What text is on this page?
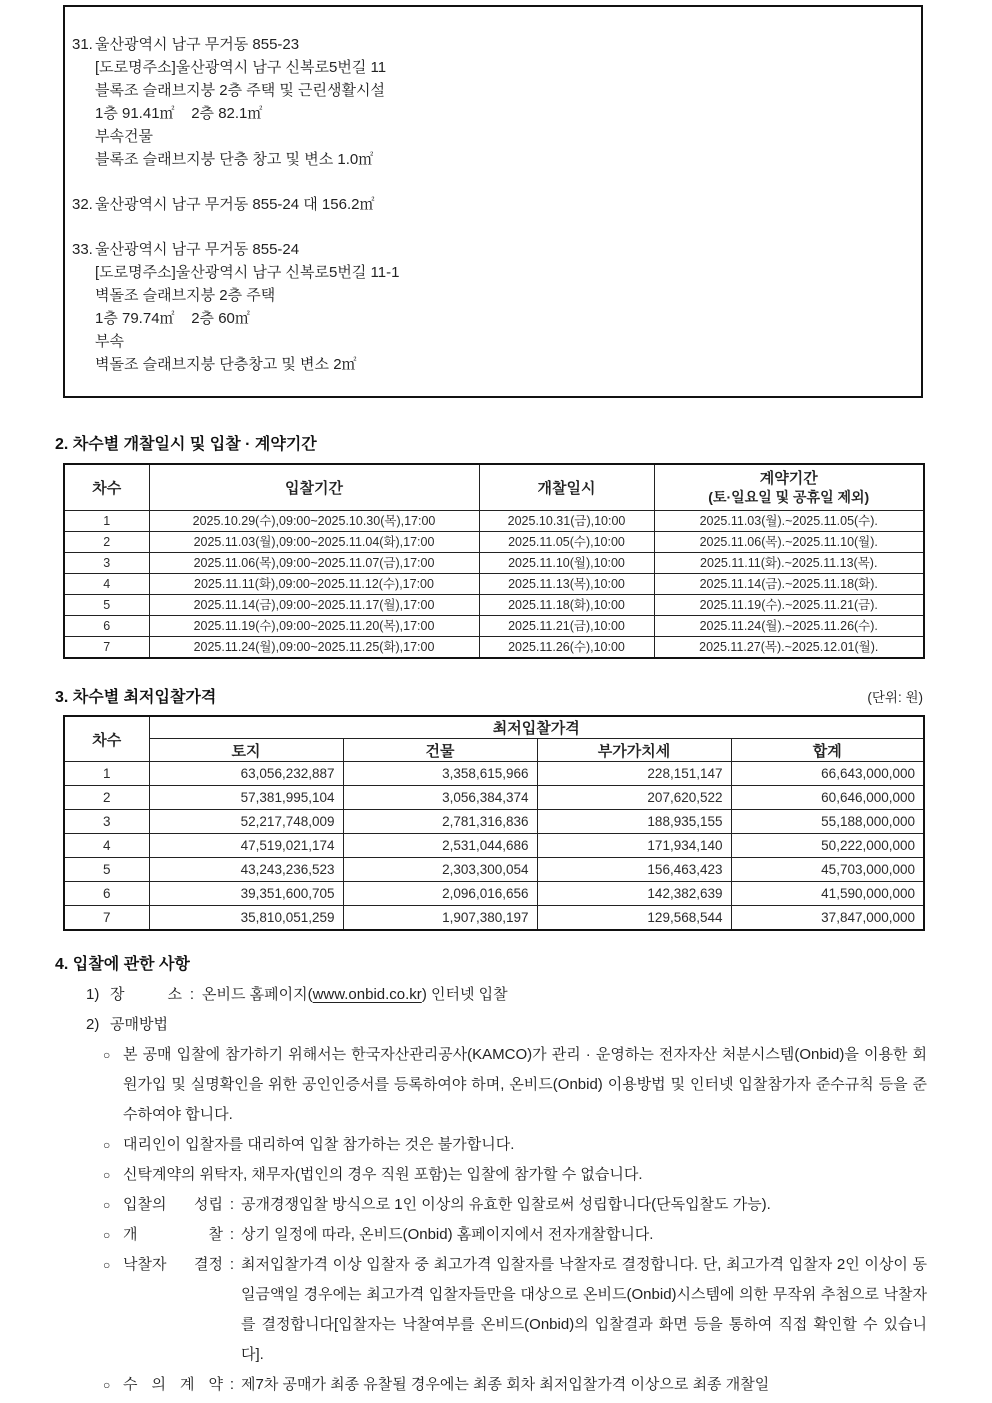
31. 울산광역시 남구 무거동 855-23
[도로명주소]울산광역시 남구 신복로5번길 11
블록조 슬래브지붕 2층 주택 및 근린생활시설
1층 91.41㎡    2층 82.1㎡
부속건물
블록조 슬래브지붕 단층 창고 및 변소 1.0㎡
32. 울산광역시 남구 무거동 855-24 대 156.2㎡
33. 울산광역시 남구 무거동 855-24
[도로명주소]울산광역시 남구 신복로5번길 11-1
벽돌조 슬래브지붕 2층 주택
1층 79.74㎡    2층 60㎡
부속
벽돌조 슬래브지붕 단층창고 및 변소 2㎡
2. 차수별 개찰일시 및 입찰 · 계약기간
차수	입찰기간	개찰일시	계약기간
(토·일요일 및 공휴일 제외)

1	2025.10.29(수),09:00~2025.10.30(목),17:00	2025.10.31(금),10:00	2025.11.03(월).~2025.11.05(수).
2	2025.11.03(월),09:00~2025.11.04(화),17:00	2025.11.05(수),10:00	2025.11.06(목).~2025.11.10(월).
3	2025.11.06(목),09:00~2025.11.07(금),17:00	2025.11.10(월),10:00	2025.11.11(화).~2025.11.13(목).
4	2025.11.11(화),09:00~2025.11.12(수),17:00	2025.11.13(목),10:00	2025.11.14(금).~2025.11.18(화).
5	2025.11.14(금),09:00~2025.11.17(월),17:00	2025.11.18(화),10:00	2025.11.19(수).~2025.11.21(금).
6	2025.11.19(수),09:00~2025.11.20(목),17:00	2025.11.21(금),10:00	2025.11.24(월).~2025.11.26(수).
7	2025.11.24(월),09:00~2025.11.25(화),17:00	2025.11.26(수),10:00	2025.11.27(목).~2025.12.01(월).
3. 차수별 최저입찰가격	(단위: 원)
차수	최저입찰가격			
	토지	건물	부가가치세	합계
1	63,056,232,887	3,358,615,966	228,151,147	66,643,000,000
2	57,381,995,104	3,056,384,374	207,620,522	60,646,000,000
3	52,217,748,009	2,781,316,836	188,935,155	55,188,000,000
4	47,519,021,174	2,531,044,686	171,934,140	50,222,000,000
5	43,243,236,523	2,303,300,054	156,463,423	45,703,000,000
6	39,351,600,705	2,096,016,656	142,382,639	41,590,000,000
7	35,810,051,259	1,907,380,197	129,568,544	37,847,000,000
4. 입찰에 관한 사항
1) 장 소 : 온비드 홈페이지(www.onbid.co.kr) 인터넷 입찰
2) 공매방법
○ 본 공매 입찰에 참가하기 위해서는 한국자산관리공사(KAMCO)가 관리 · 운영하는 전자자산 처분시스템(Onbid)을 이용한 회원가입 및 실명확인을 위한 공인인증서를 등록하여야 하며, 온비드(Onbid) 이용방법 및 인터넷 입찰참가자 준수규칙 등을 준수하여야 합니다.
○ 대리인이 입찰자를 대리하여 입찰 참가하는 것은 불가합니다.
○ 신탁계약의 위탁자, 채무자(법인의 경우 직원 포함)는 입찰에 참가할 수 없습니다.
○ 입찰의 성립 : 공개경쟁입찰 방식으로 1인 이상의 유효한 입찰로써 성립합니다(단독입찰도 가능).
○ 개 찰 : 상기 일정에 따라, 온비드(Onbid) 홈페이지에서 전자개찰합니다.
○ 낙찰자 결정 : 최저입찰가격 이상 입찰자 중 최고가격 입찰자를 낙찰자로 결정합니다. 단, 최고가격 입찰자 2인 이상이 동일금액일 경우에는 최고가격 입찰자들만을 대상으로 온비드(Onbid)시스템에 의한 무작위 추첨으로 낙찰자를 결정합니다[입찰자는 낙찰여부를 온비드(Onbid)의 입찰결과 화면 등을 통하여 직접 확인할 수 있습니다].
○ 수 의 계 약 : 제7차 공매가 최종 유찰될 경우에는 최종 회차 최저입찰가격 이상으로 최종 개찰일
